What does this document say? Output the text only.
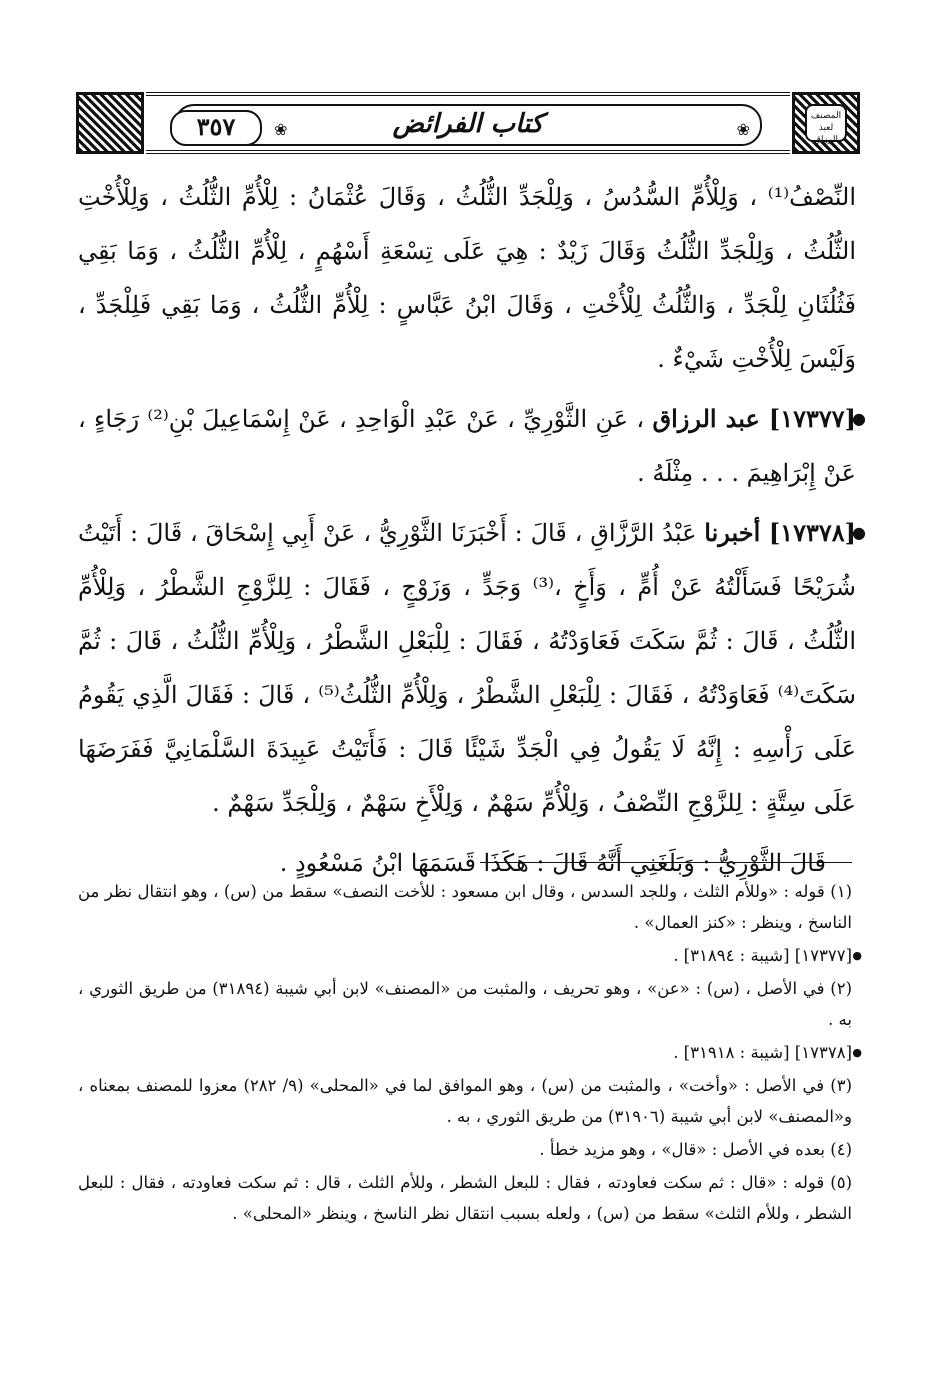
٣٥٧	❀	كتاب الفرائض	❀
المصنف لعبد الرزاق

النِّصْفُ⁽¹⁾ ، وَلِلْأُمِّ السُّدُسُ ، وَلِلْجَدِّ الثُّلُثُ ، وَقَالَ عُثْمَانُ : لِلْأُمِّ الثُّلُثُ ، وَلِلْأُخْتِ الثُّلُثُ ، وَلِلْجَدِّ الثُّلُثُ وَقَالَ زَيْدٌ : هِيَ عَلَى تِسْعَةِ أَسْهُمٍ ، لِلْأُمِّ الثُّلُثُ ، وَمَا بَقِي فَثُلُثَانِ لِلْجَدِّ ، وَالثُّلُثُ لِلْأُخْتِ ، وَقَالَ ابْنُ عَبَّاسٍ : لِلْأُمِّ الثُّلُثُ ، وَمَا بَقِي فَلِلْجَدِّ ، وَلَيْسَ لِلْأُخْتِ شَيْءٌ .

●
[١٧٣٧٧] عبد الرزاق ، عَنِ الثَّوْرِيِّ ، عَنْ عَبْدِ الْوَاحِدِ ، عَنْ إِسْمَاعِيلَ بْنِ⁽²⁾ رَجَاءٍ ، عَنْ إِبْرَاهِيمَ . . . مِثْلَهُ .

●
[١٧٣٧٨] أخبرنا عَبْدُ الرَّزَّاقِ ، قَالَ : أَخْبَرَنَا الثَّوْرِيُّ ، عَنْ أَبِي إِسْحَاقَ ، قَالَ : أَتَيْتُ شُرَيْحًا فَسَأَلْتُهُ عَنْ أُمٍّ ، وَأَخٍ ،⁽³⁾ وَجَدٍّ ، وَزَوْجٍ ، فَقَالَ : لِلزَّوْجِ الشَّطْرُ ، وَلِلْأُمِّ الثُّلُثُ ، قَالَ : ثُمَّ سَكَتَ فَعَاوَدْتُهُ ، فَقَالَ : لِلْبَعْلِ الشَّطْرُ ، وَلِلْأُمِّ الثُّلُثُ ، قَالَ : ثُمَّ سَكَتَ⁽⁴⁾ فَعَاوَدْتُهُ ، فَقَالَ : لِلْبَعْلِ الشَّطْرُ ، وَلِلْأُمِّ الثُّلُثُ⁽⁵⁾ ، قَالَ : فَقَالَ الَّذِي يَقُومُ عَلَى رَأْسِهِ : إِنَّهُ لَا يَقُولُ فِي الْجَدِّ شَيْئًا قَالَ : فَأَتَيْتُ عَبِيدَةَ السَّلْمَانِيَّ فَفَرَضَهَا عَلَى سِتَّةٍ : لِلزَّوْجِ النِّصْفُ ، وَلِلْأُمِّ سَهْمٌ ، وَلِلْأَخِ سَهْمٌ ، وَلِلْجَدِّ سَهْمٌ .

قَالَ الثَّوْرِيُّ : وَبَلَغَنِي أَنَّهُ قَالَ : هَكَذَا قَسَمَهَا ابْنُ مَسْعُودٍ .

(١) قوله : «وللأم الثلث ، وللجد السدس ، وقال ابن مسعود : للأخت النصف» سقط من (س) ، وهو انتقال نظر من الناسخ ، وينظر : «كنز العمال» .

●
[١٧٣٧٧] [شيبة : ٣١٨٩٤] .

(٢) في الأصل ، (س) : «عن» ، وهو تحريف ، والمثبت من «المصنف» لابن أبي شيبة (٣١٨٩٤) من طريق الثوري ، به .

●
[١٧٣٧٨] [شيبة : ٣١٩١٨] .

(٣) في الأصل : «وأخت» ، والمثبت من (س) ، وهو الموافق لما في «المحلى» (٩/ ٢٨٢) معزوا للمصنف بمعناه ، و«المصنف» لابن أبي شيبة (٣١٩٠٦) من طريق الثوري ، به .

(٤) بعده في الأصل : «قال» ، وهو مزيد خطأ .

(٥) قوله : «قال : ثم سكت فعاودته ، فقال : للبعل الشطر ، وللأم الثلث ، قال : ثم سكت فعاودته ، فقال : للبعل الشطر ، وللأم الثلث» سقط من (س) ، ولعله بسبب انتقال نظر الناسخ ، وينظر «المحلى» .
